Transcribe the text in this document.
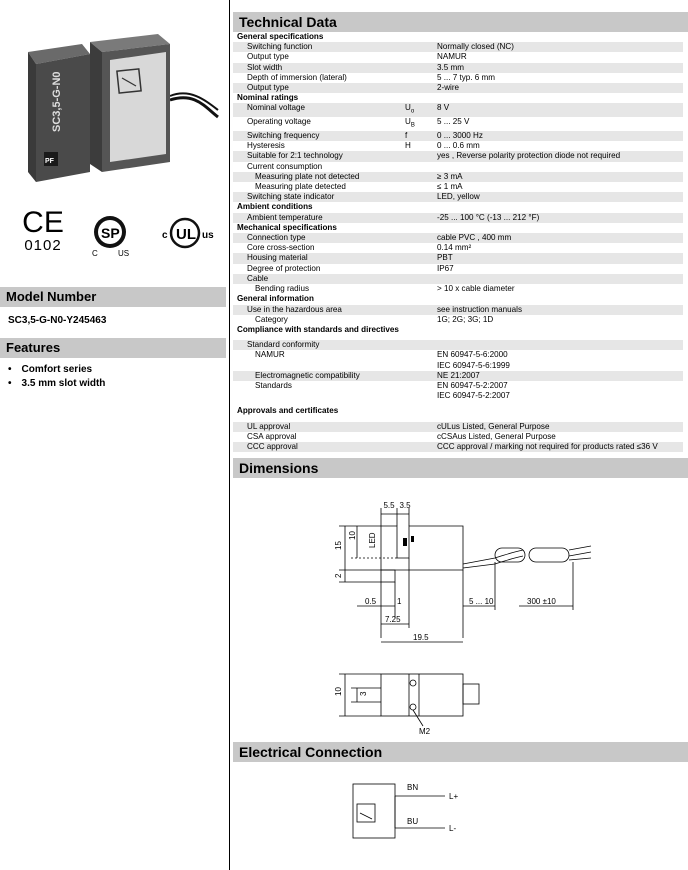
SC3,5-G-N0
PF
CE
0102
SP
C	US
c UL us
Model Number
SC3,5-G-N0-Y245463
Features
• Comfort series
• 3.5 mm slot width
Technical Data
General specifications		
Switching function		Normally closed (NC)

Output type		NAMUR

Slot width		3.5 mm

Depth of immersion (lateral)		5 ... 7 typ. 6 mm

Output type		2-wire

Nominal ratings		
Nominal voltage	$U_o$	8 V

Operating voltage	$U_B$	5 ... 25 V

Switching frequency	f	0 ... 3000 Hz

Hysteresis	H	0 ... 0.6 mm

Suitable for 2:1 technology		yes , Reverse polarity protection diode not required

Current consumption		

Measuring plate not detected		≥ 3 mA

Measuring plate detected		≤ 1 mA

Switching state indicator		LED, yellow

Ambient conditions		
Ambient temperature		-25 ... 100 °C (-13 ... 212 °F)

Mechanical specifications		
Connection type		cable PVC , 400 mm

Core cross-section		0.14 mm²

Housing material		PBT

Degree of protection		IP67

Cable		

Bending radius		> 10 x cable diameter

General information		
Use in the hazardous area		see instruction manuals

Category		1G; 2G; 3G; 1D

Compliance with standards and directives		

Standard conformity		

NAMUR		EN 60947-5-6:2000
IEC 60947-5-6:1999

Electromagnetic compatibility		NE 21:2007

Standards		EN 60947-5-2:2007
IEC 60947-5-2:2007

Approvals and certificates		

UL approval		cULus Listed, General Purpose

CSA approval		cCSAus Listed, General Purpose

CCC approval		CCC approval / marking not required for products rated ≤36 V
Dimensions
5.5 3.5
15
10 LED
2
0.5	1
7.25
19.5
5 ... 10	300 ±10
10 3
M2
Electrical Connection
BN
BU
L+
L-
